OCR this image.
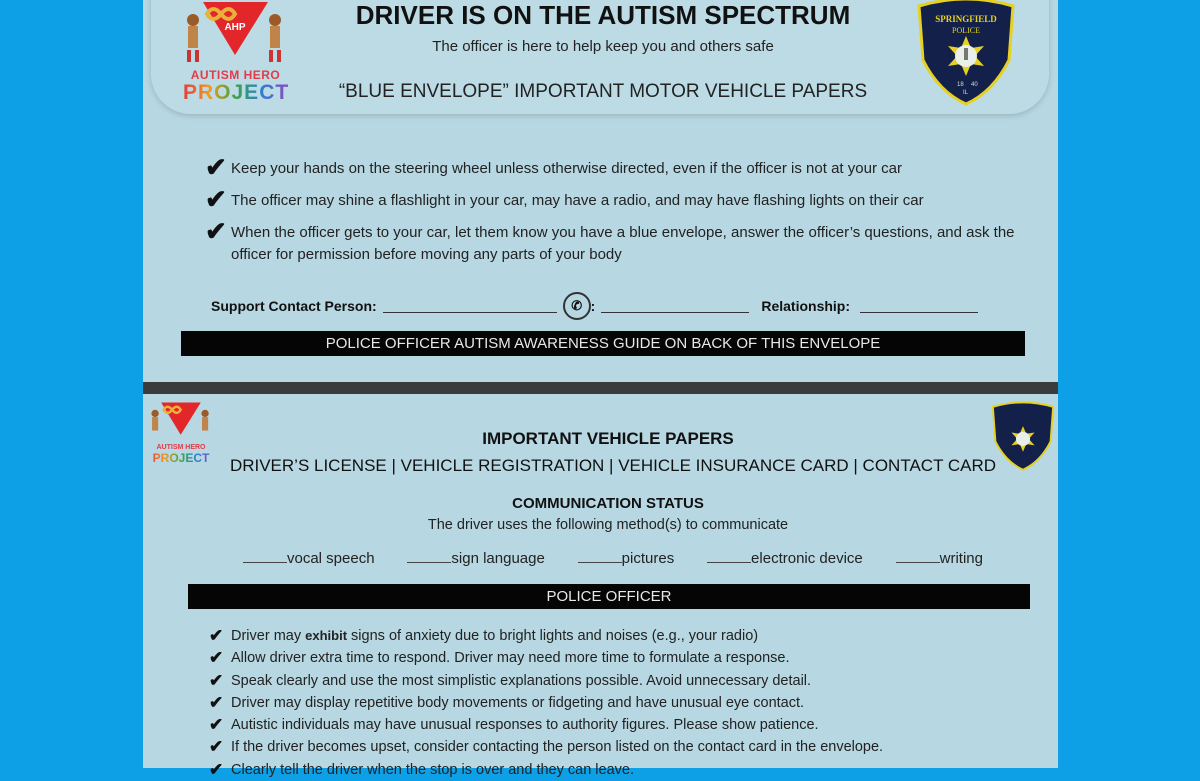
AHP
AUTISM HERO
PROJECT
DRIVER IS ON THE AUTISM SPECTRUM
The officer is here to help keep you and others safe
“BLUE ENVELOPE” IMPORTANT MOTOR VEHICLE PAPERS
SPRINGFIELD
POLICE
18 40
IL
✔ Keep your hands on the steering wheel unless otherwise directed, even if the officer is not at your car
✔ The officer may shine a flashlight in your car, may have a radio, and may have flashing lights on their car
✔ When the officer gets to your car, let them know you have a blue envelope, answer the officer’s questions, and ask the officer for permission before moving any parts of your body
Support Contact Person:	✆ :	Relationship:
POLICE OFFICER AUTISM AWARENESS GUIDE ON BACK OF THIS ENVELOPE
AUTISM HERO
PROJECT
IMPORTANT VEHICLE PAPERS
DRIVER’S LICENSE | VEHICLE REGISTRATION | VEHICLE INSURANCE CARD | CONTACT CARD
COMMUNICATION STATUS
The driver uses the following method(s) to communicate
vocal speech	sign language	pictures	electronic device	writing
POLICE OFFICER
✔ Driver may exhibit signs of anxiety due to bright lights and noises (e.g., your radio)
✔ Allow driver extra time to respond. Driver may need more time to formulate a response.
✔ Speak clearly and use the most simplistic explanations possible. Avoid unnecessary detail.
✔ Driver may display repetitive body movements or fidgeting and have unusual eye contact.
✔ Autistic individuals may have unusual responses to authority figures. Please show patience.
✔ If the driver becomes upset, consider contacting the person listed on the contact card in the envelope.
✔ Clearly tell the driver when the stop is over and they can leave.
